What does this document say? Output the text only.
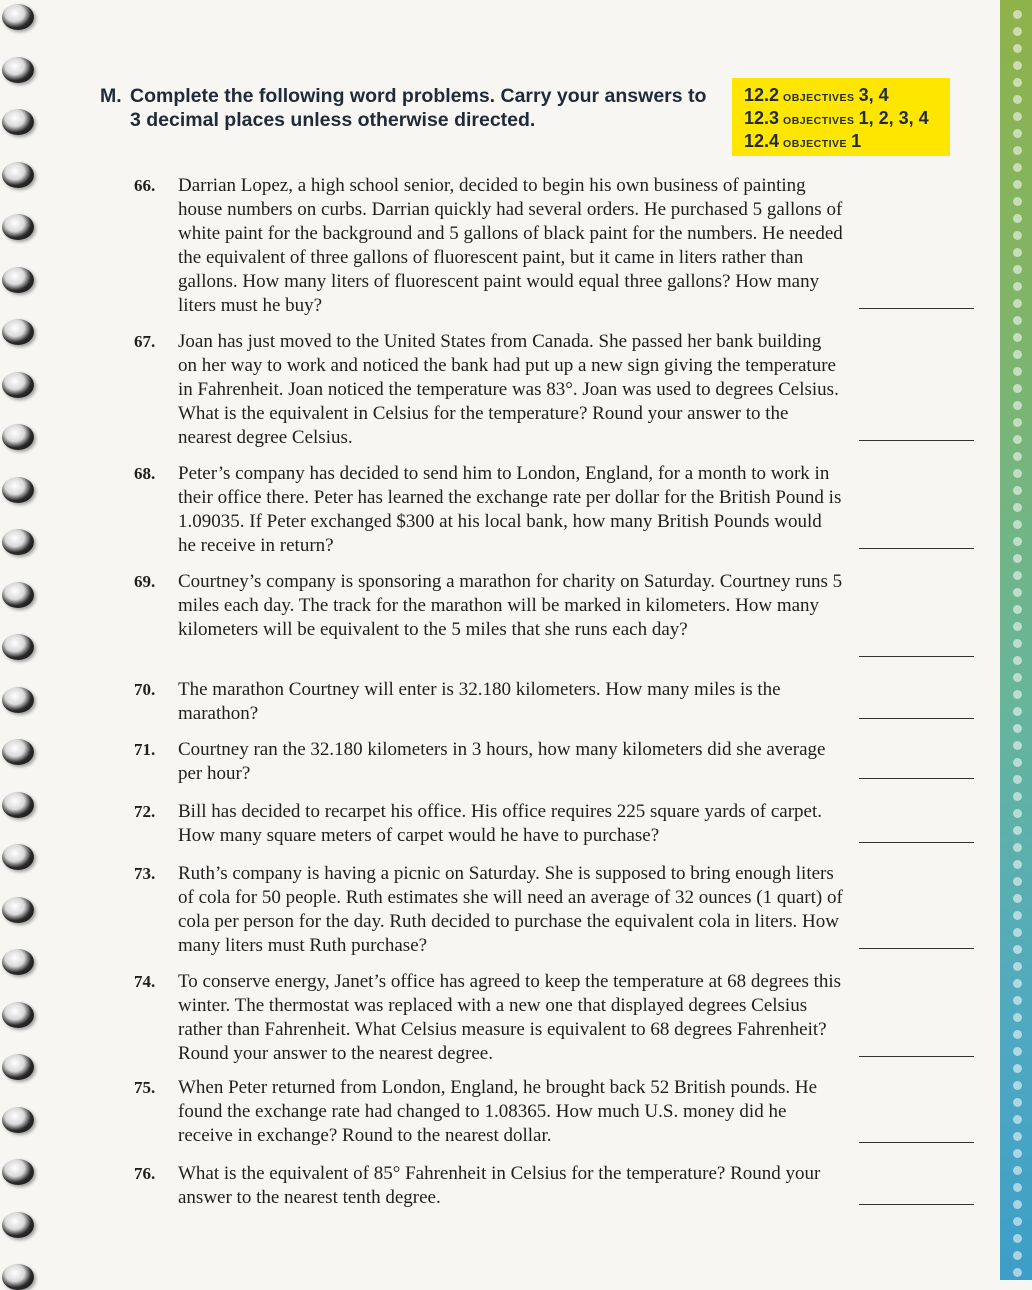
M. Complete the following word problems. Carry your answers to
3 decimal places unless otherwise directed.
12.2 OBJECTIVES 3, 4
12.3 OBJECTIVES 1, 2, 3, 4
12.4 OBJECTIVE 1
66.	Darrian Lopez, a high school senior, decided to begin his own business of painting house numbers on curbs. Darrian quickly had several orders. He purchased 5 gallons of white paint for the background and 5 gallons of black paint for the numbers. He needed the equivalent of three gallons of fluorescent paint, but it came in liters rather than gallons. How many liters of fluorescent paint would equal three gallons? How many liters must he buy?
67.	Joan has just moved to the United States from Canada. She passed her bank building on her way to work and noticed the bank had put up a new sign giving the temperature in Fahrenheit. Joan noticed the temperature was 83°. Joan was used to degrees Celsius. What is the equivalent in Celsius for the temperature? Round your answer to the nearest degree Celsius.
68.	Peter’s company has decided to send him to London, England, for a month to work in their office there. Peter has learned the exchange rate per dollar for the British Pound is 1.09035. If Peter exchanged $300 at his local bank, how many British Pounds would he receive in return?
69.	Courtney’s company is sponsoring a marathon for charity on Saturday. Courtney runs 5 miles each day. The track for the marathon will be marked in kilometers. How many kilometers will be equivalent to the 5 miles that she runs each day?
70.	The marathon Courtney will enter is 32.180 kilometers. How many miles is the marathon?
71.	Courtney ran the 32.180 kilometers in 3 hours, how many kilometers did she average per hour?
72.	Bill has decided to recarpet his office. His office requires 225 square yards of carpet. How many square meters of carpet would he have to purchase?
73.	Ruth’s company is having a picnic on Saturday. She is supposed to bring enough liters of cola for 50 people. Ruth estimates she will need an average of 32 ounces (1 quart) of cola per person for the day. Ruth decided to purchase the equivalent cola in liters. How many liters must Ruth purchase?
74.	To conserve energy, Janet’s office has agreed to keep the temperature at 68 degrees this winter. The thermostat was replaced with a new one that displayed degrees Celsius rather than Fahrenheit. What Celsius measure is equivalent to 68 degrees Fahrenheit? Round your answer to the nearest degree.
75.	When Peter returned from London, England, he brought back 52 British pounds. He found the exchange rate had changed to 1.08365. How much U.S. money did he receive in exchange? Round to the nearest dollar.
76.	What is the equivalent of 85° Fahrenheit in Celsius for the temperature? Round your answer to the nearest tenth degree.
